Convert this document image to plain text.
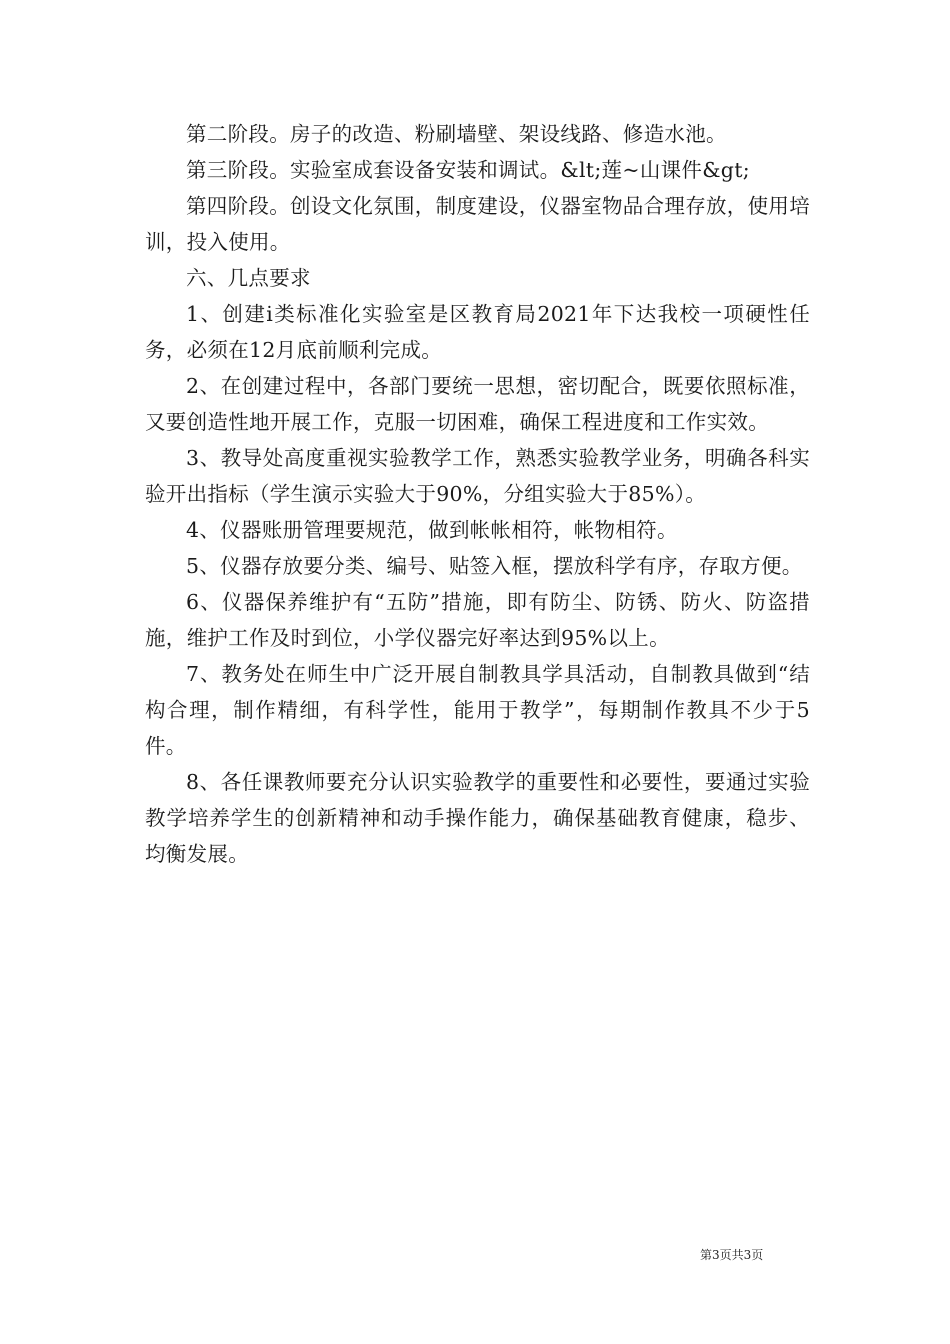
第二阶段。房子的改造、粉刷墙壁、架设线路、修造水池。

第三阶段。实验室成套设备安装和调试。&lt;莲~山课件&gt;

第四阶段。创设文化氛围，制度建设，仪器室物品合理存放，使用培训，投入使用。

六、几点要求

1、创建i类标准化实验室是区教育局2021年下达我校一项硬性任务，必须在12月底前顺利完成。

2、在创建过程中，各部门要统一思想，密切配合，既要依照标准，又要创造性地开展工作，克服一切困难，确保工程进度和工作实效。

3、教导处高度重视实验教学工作，熟悉实验教学业务，明确各科实验开出指标（学生演示实验大于90%，分组实验大于85%）。

4、仪器账册管理要规范，做到帐帐相符，帐物相符。

5、仪器存放要分类、编号、贴签入框，摆放科学有序，存取方便。

6、仪器保养维护有“五防”措施，即有防尘、防锈、防火、防盗措施，维护工作及时到位，小学仪器完好率达到95%以上。

7、教务处在师生中广泛开展自制教具学具活动，自制教具做到“结构合理，制作精细，有科学性，能用于教学”，每期制作教具不少于5件。

8、各任课教师要充分认识实验教学的重要性和必要性，要通过实验教学培养学生的创新精神和动手操作能力，确保基础教育健康，稳步、均衡发展。

第3页共3页
